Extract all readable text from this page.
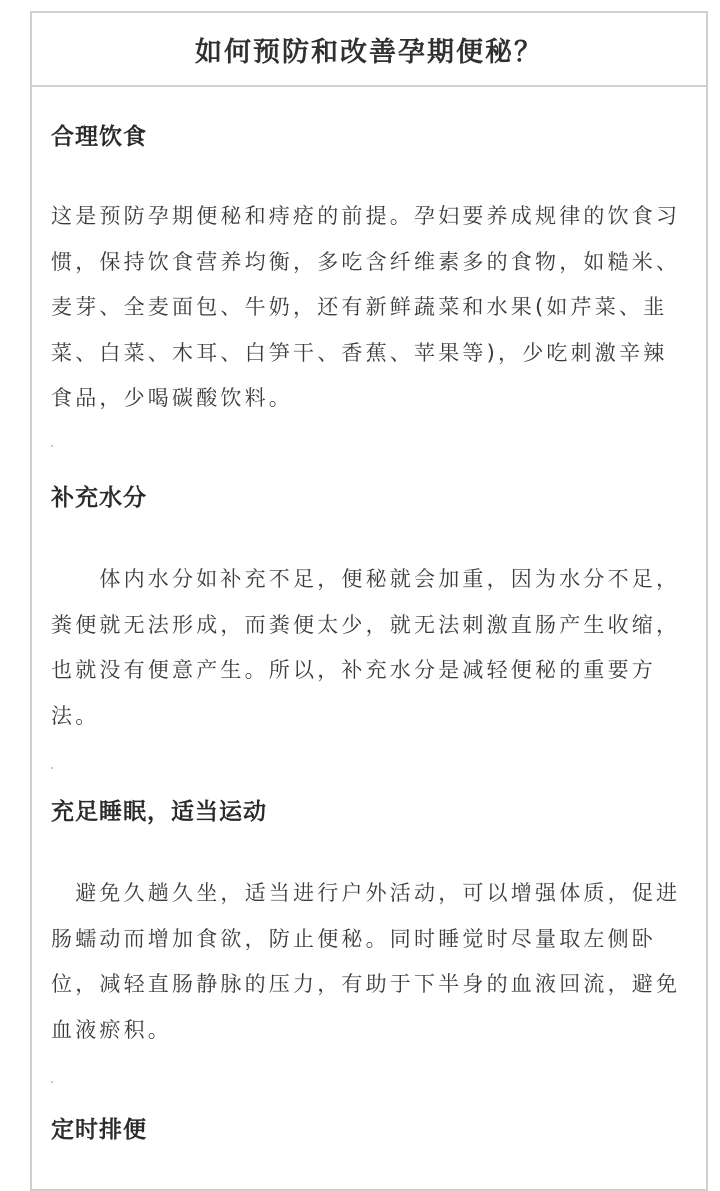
如何预防和改善孕期便秘？
合理饮食

这是预防孕期便秘和痔疮的前提。孕妇要养成规律的饮食习惯，保持饮食营养均衡，多吃含纤维素多的食物，如糙米、麦芽、全麦面包、牛奶，还有新鲜蔬菜和水果(如芹菜、韭菜、白菜、木耳、白笋干、香蕉、苹果等)，少吃刺激辛辣食品，少喝碳酸饮料。

补充水分

　　体内水分如补充不足，便秘就会加重，因为水分不足，粪便就无法形成，而粪便太少，就无法刺激直肠产生收缩，也就没有便意产生。所以，补充水分是减轻便秘的重要方法。

充足睡眠，适当运动

　避免久趟久坐，适当进行户外活动，可以增强体质，促进肠蠕动而增加食欲，防止便秘。同时睡觉时尽量取左侧卧位，减轻直肠静脉的压力，有助于下半身的血液回流，避免血液瘀积。

定时排便
